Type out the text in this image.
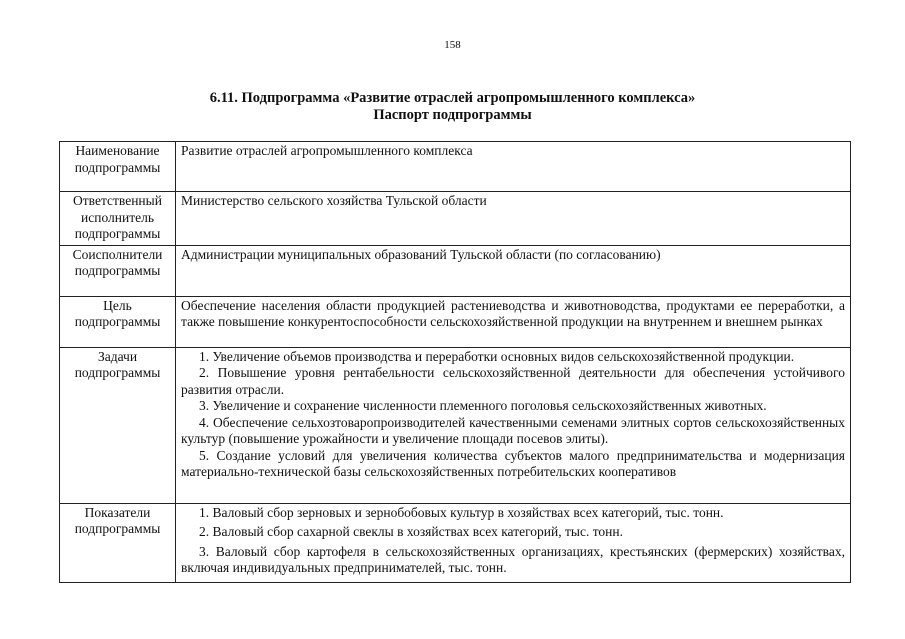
158
6.11. Подпрограмма «Развитие отраслей агропромышленного комплекса»
Паспорт подпрограммы
Наименование подпрограммы	Развитие отраслей агропромышленного комплекса
Ответственный исполнитель подпрограммы	Министерство сельского хозяйства Тульской области
Соисполнители подпрограммы	Администрации муниципальных образований Тульской области (по согласованию)
Цель подпрограммы	Обеспечение населения области продукцией растениеводства и животноводства, продуктами ее переработки, а также повышение конкурентоспособности сельскохозяйственной продукции на внутреннем и внешнем рынках
Задачи подпрограммы	1. Увеличение объемов производства и переработки основных видов сельскохозяйственной продукции.
2. Повышение уровня рентабельности сельскохозяйственной деятельности для обеспечения устойчивого развития отрасли.
3. Увеличение и сохранение численности племенного поголовья сельскохозяйственных животных.
4. Обеспечение сельхозтоваропроизводителей качественными семенами элитных сортов сельскохозяйственных культур (повышение урожайности и увеличение площади посевов элиты).
5. Создание условий для увеличения количества субъектов малого предпринимательства и модернизация материально-технической базы сельскохозяйственных потребительских кооперативов

Показатели подпрограммы	1. Валовый сбор зерновых и зернобобовых культур в хозяйствах всех категорий, тыс. тонн.
2. Валовый сбор сахарной свеклы в хозяйствах всех категорий, тыс. тонн.
3. Валовый сбор картофеля в сельскохозяйственных организациях, крестьянских (фермерских) хозяйствах, включая индивидуальных предпринимателей, тыс. тонн.
